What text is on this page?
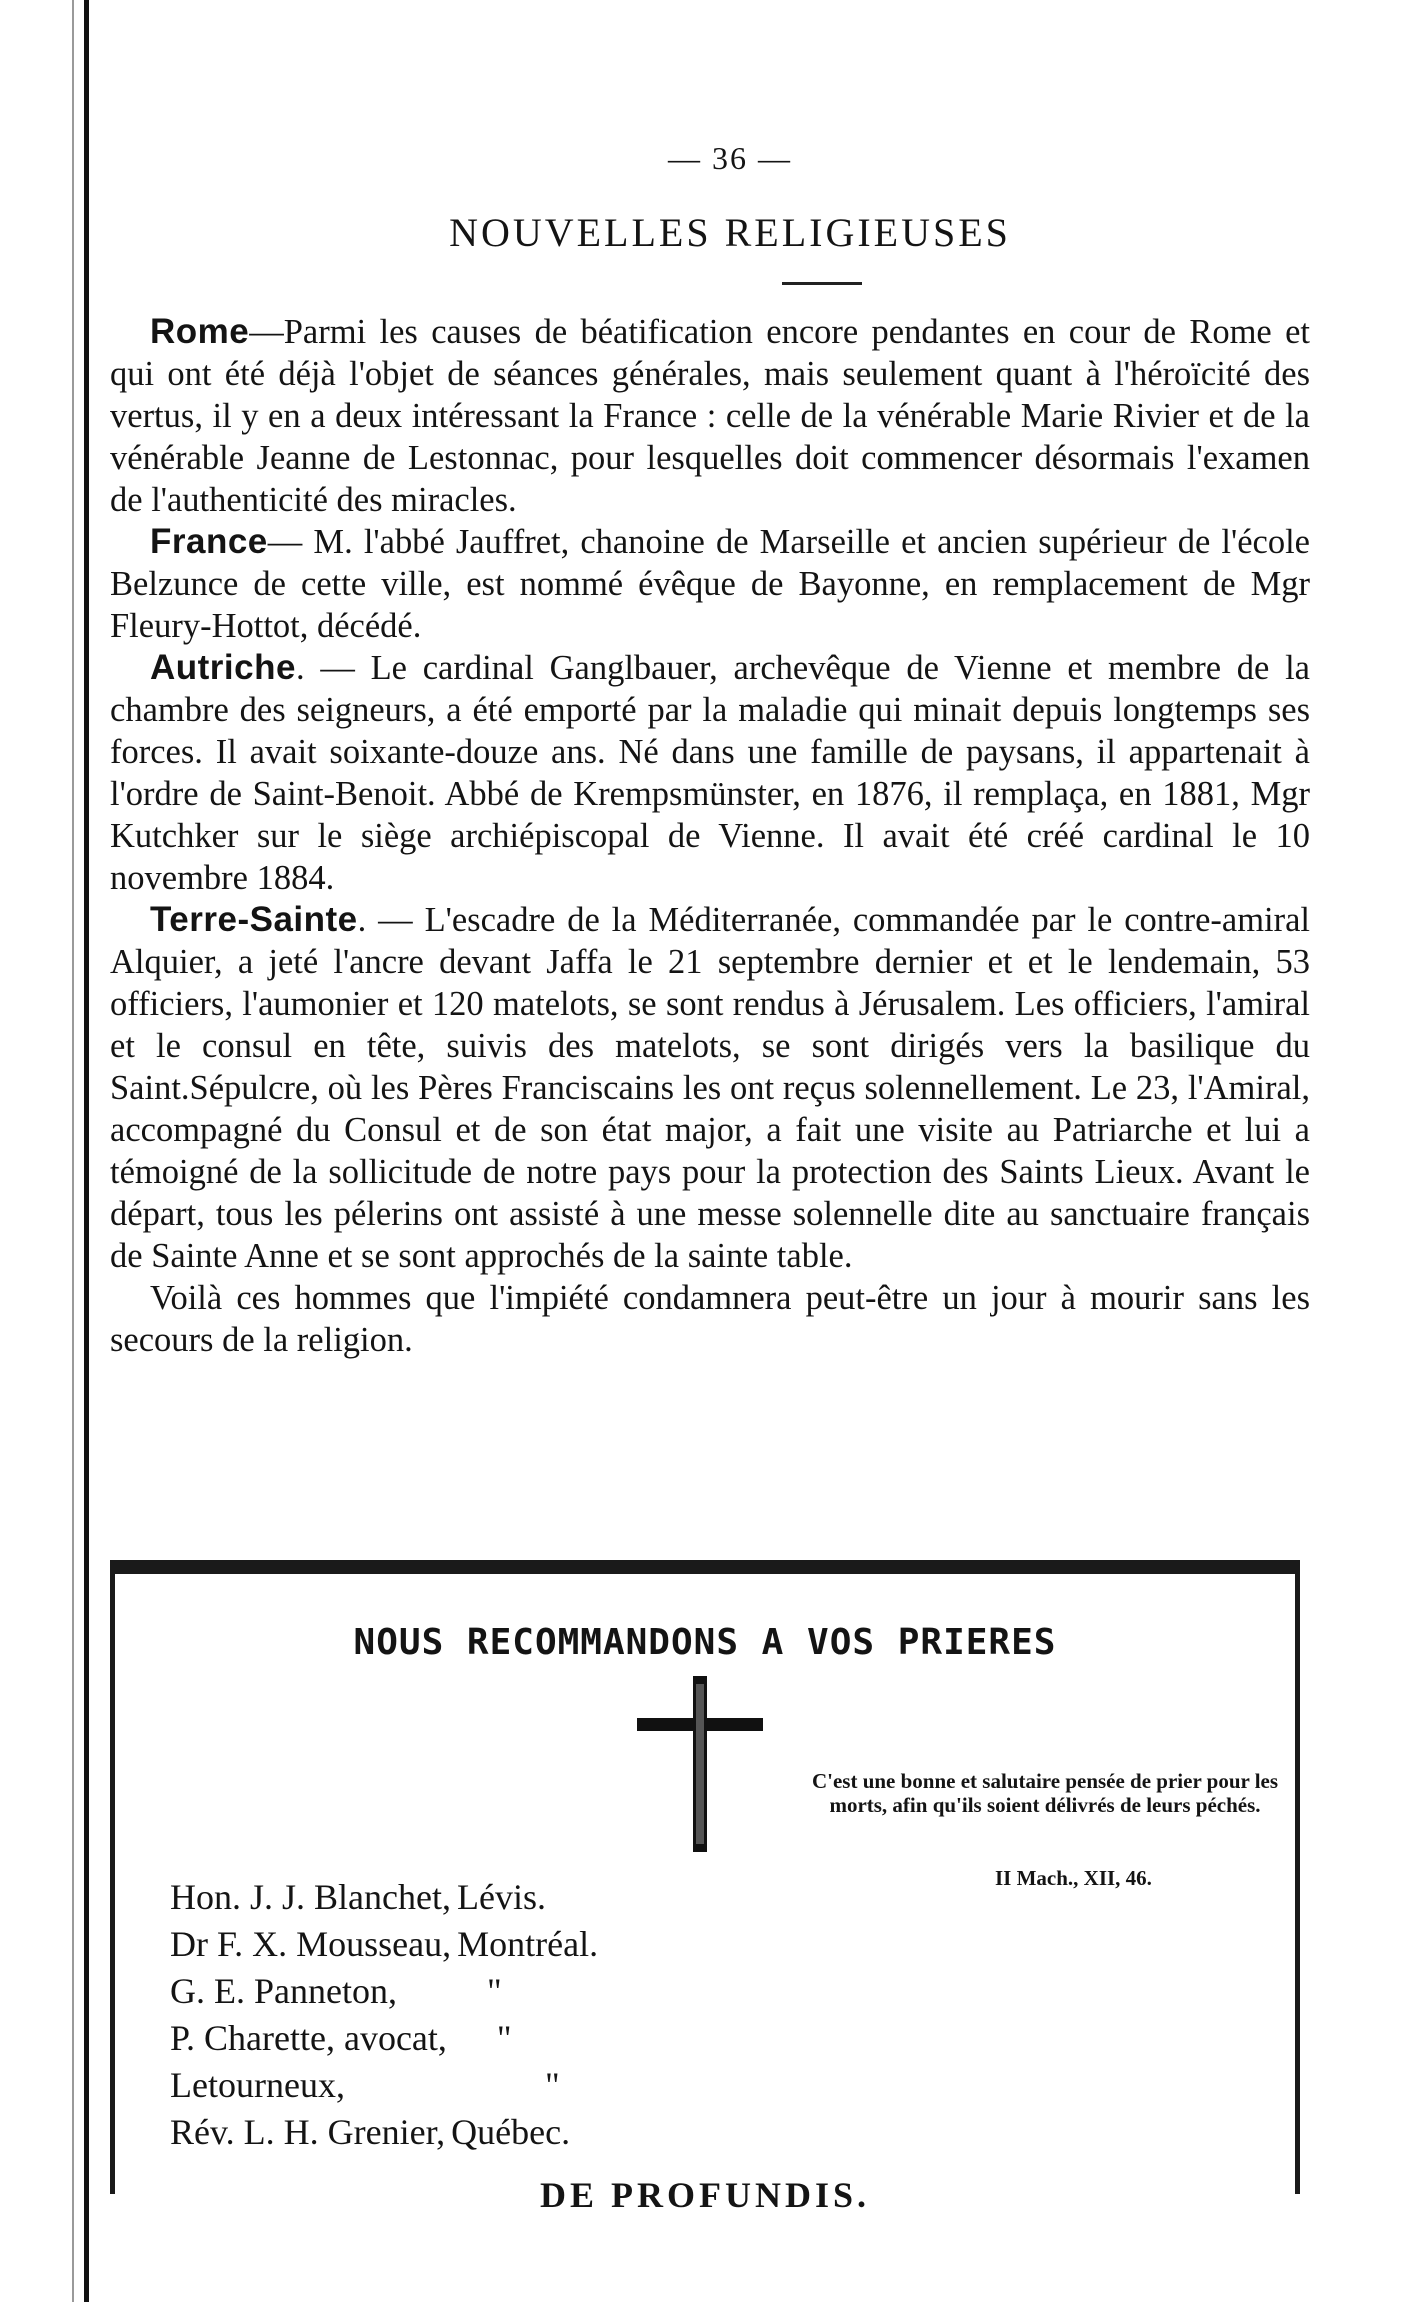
— 36 —
NOUVELLES RELIGIEUSES

Rome—Parmi les causes de béatification encore pendantes en cour de Rome et qui ont été déjà l'objet de séances générales, mais seulement quant à l'héroïcité des vertus, il y en a deux intéressant la France : celle de la vénérable Marie Rivier et de la vénérable Jeanne de Lestonnac, pour lesquelles doit commencer désormais l'examen de l'authenticité des miracles.

France— M. l'abbé Jauffret, chanoine de Marseille et ancien supérieur de l'école Belzunce de cette ville, est nommé évêque de Bayonne, en remplacement de Mgr Fleury-Hottot, décédé.

Autriche. — Le cardinal Ganglbauer, archevêque de Vienne et membre de la chambre des seigneurs, a été emporté par la maladie qui minait depuis longtemps ses forces. Il avait soixante-douze ans. Né dans une famille de paysans, il appartenait à l'ordre de Saint-Benoit. Abbé de Krempsmünster, en 1876, il remplaça, en 1881, Mgr Kutchker sur le siège archiépiscopal de Vienne. Il avait été créé cardinal le 10 novembre 1884.

Terre-Sainte. — L'escadre de la Méditerranée, commandée par le contre-amiral Alquier, a jeté l'ancre devant Jaffa le 21 septembre dernier et et le lendemain, 53 officiers, l'aumonier et 120 matelots, se sont rendus à Jérusalem. Les officiers, l'amiral et le consul en tête, suivis des matelots, se sont dirigés vers la basilique du Saint.Sépulcre, où les Pères Franciscains les ont reçus solennellement. Le 23, l'Amiral, accompagné du Consul et de son état major, a fait une visite au Patriarche et lui a témoigné de la sollicitude de notre pays pour la protection des Saints Lieux. Avant le départ, tous les pélerins ont assisté à une messe solennelle dite au sanctuaire français de Sainte Anne et se sont approchés de la sainte table.

Voilà ces hommes que l'impiété condamnera peut-être un jour à mourir sans les secours de la religion.

NOUS RECOMMANDONS A VOS PRIERES
C'est une bonne et salutaire pensée de prier pour les morts, afin qu'ils soient délivrés de leurs péchés.
II Mach., XII, 46.
Hon. J. J. Blanchet, Lévis.
Dr F. X. Mousseau, Montréal.
G. E. Panneton,	"
P. Charette, avocat, "
Letourneux,	"
Rév. L. H. Grenier, Québec.
DE PROFUNDIS.
